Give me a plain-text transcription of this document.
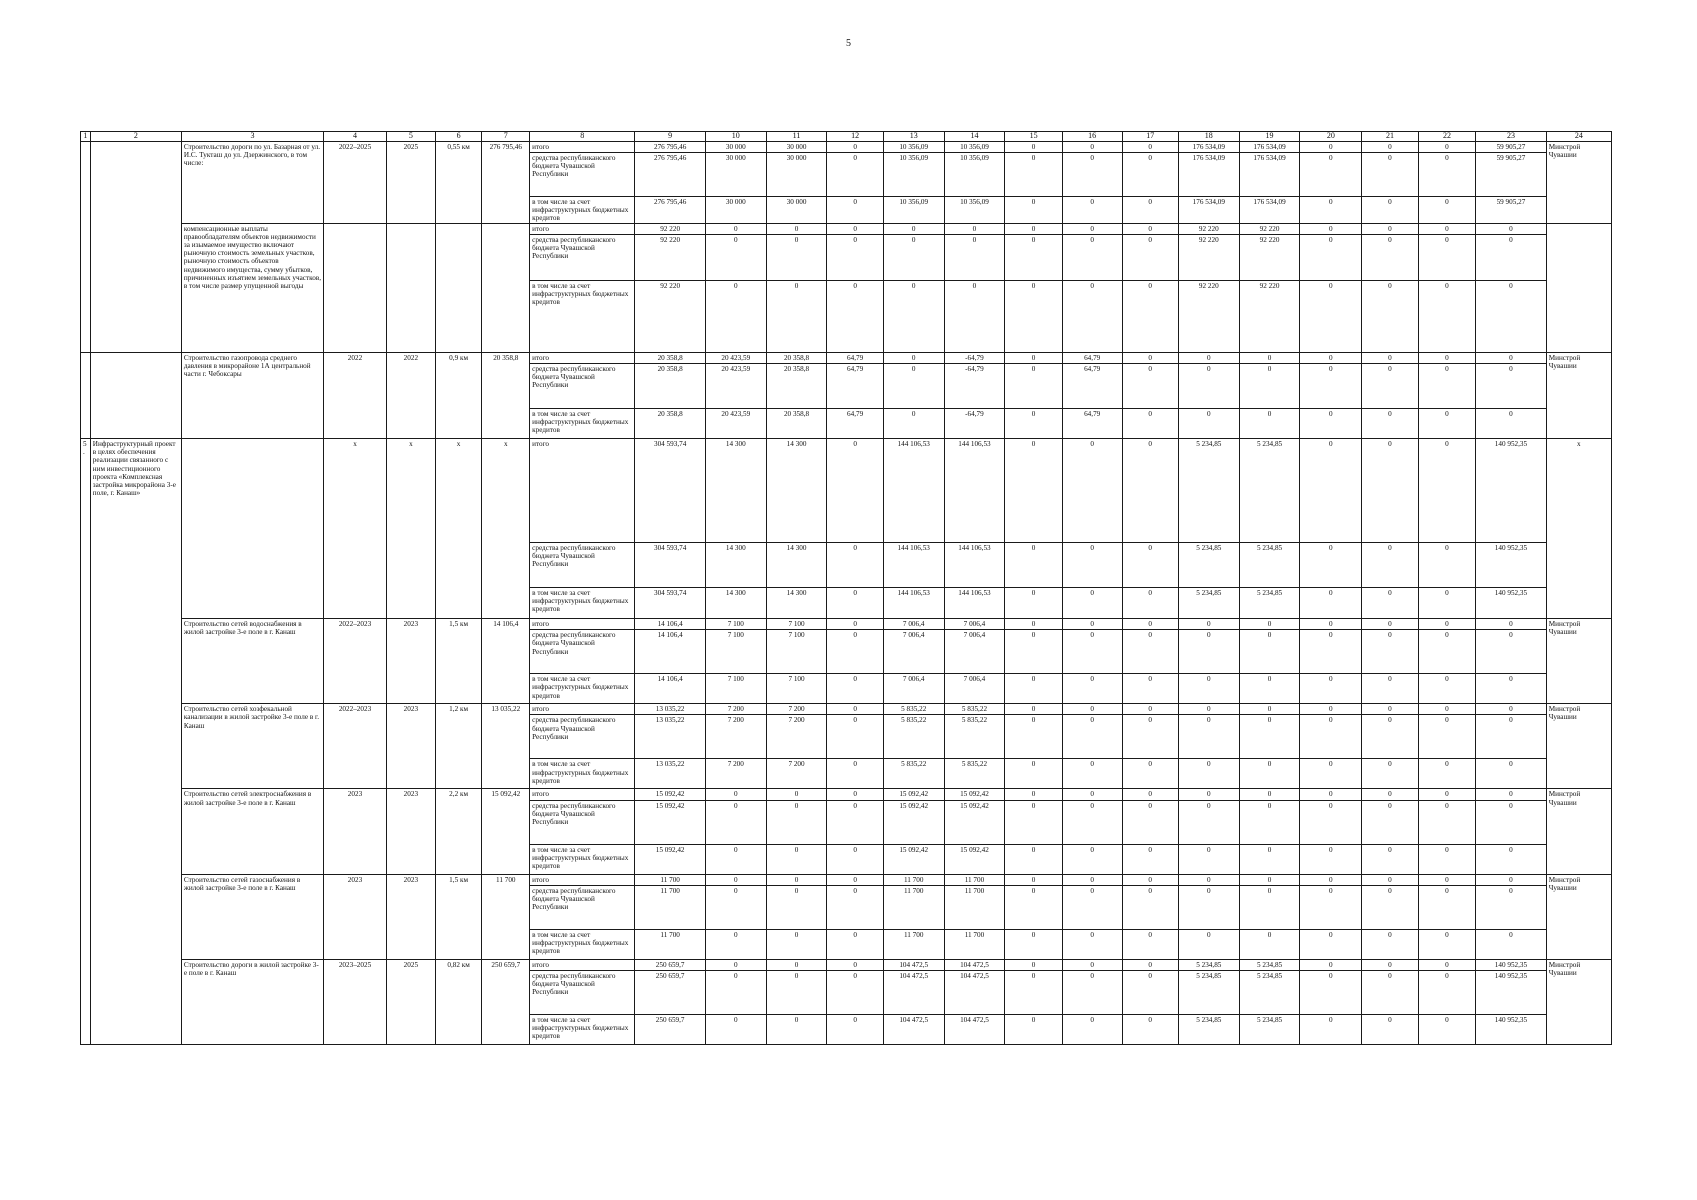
5
1	2	3	4	5	6	7	8	9	10	11	12	13	14	15	16	17	18	19	20	21	22	23	24
		Строительство дороги по ул. Базарная от ул. И.С. Тукташ до ул. Дзержинского, в том числе:	2022–2025	2025	0,55 км	276 795,46	итого	276 795,46	30 000	30 000	0	10 356,09	10 356,09	0	0	0	176 534,09	176 534,09	0	0	0	59 905,27	Минстрой Чувашии
							средства республиканского бюджета Чувашской Республики	276 795,46	30 000	30 000	0	10 356,09	10 356,09	0	0	0	176 534,09	176 534,09	0	0	0	59 905,27	
							в том числе за счет инфраструктурных бюджетных кредитов	276 795,46	30 000	30 000	0	10 356,09	10 356,09	0	0	0	176 534,09	176 534,09	0	0	0	59 905,27	
		компенсационные выплаты правообладателям объектов недвижимости за изымаемое имущество включают рыночную стоимость земельных участков, рыночную стоимость объектов недвижимого имущества, сумму убытков, причиненных изъятием земельных участков, в том числе размер упущенной выгоды					итого	92 220	0	0	0	0	0	0	0	0	92 220	92 220	0	0	0	0	
							средства республиканского бюджета Чувашской Республики	92 220	0	0	0	0	0	0	0	0	92 220	92 220	0	0	0	0	
							в том числе за счет инфраструктурных бюджетных кредитов	92 220	0	0	0	0	0	0	0	0	92 220	92 220	0	0	0	0	
		Строительство газопровода среднего давления в микрорайоне 1А центральной части г. Чебоксары	2022	2022	0,9 км	20 358,8	итого	20 358,8	20 423,59	20 358,8	64,79	0	-64,79	0	64,79	0	0	0	0	0	0	0	Минстрой Чувашии
							средства республиканского бюджета Чувашской Республики	20 358,8	20 423,59	20 358,8	64,79	0	-64,79	0	64,79	0	0	0	0	0	0	0	
							в том числе за счет инфраструктурных бюджетных кредитов	20 358,8	20 423,59	20 358,8	64,79	0	-64,79	0	64,79	0	0	0	0	0	0	0	
5.	Инфраструктурный проект в целях обеспечения реализации связанного с ним инвестиционного проекта «Комплексная застройка микрорайона 3-е поле, г. Канаш»		х	х	х	х	итого	304 593,74	14 300	14 300	0	144 106,53	144 106,53	0	0	0	5 234,85	5 234,85	0	0	0	140 952,35	х
							средства республиканского бюджета Чувашской Республики	304 593,74	14 300	14 300	0	144 106,53	144 106,53	0	0	0	5 234,85	5 234,85	0	0	0	140 952,35	
							в том числе за счет инфраструктурных бюджетных кредитов	304 593,74	14 300	14 300	0	144 106,53	144 106,53	0	0	0	5 234,85	5 234,85	0	0	0	140 952,35	
		Строительство сетей водоснабжения в жилой застройке 3-е поле в г. Канаш	2022–2023	2023	1,5 км	14 106,4	итого	14 106,4	7 100	7 100	0	7 006,4	7 006,4	0	0	0	0	0	0	0	0	0	Минстрой Чувашии
							средства республиканского бюджета Чувашской Республики	14 106,4	7 100	7 100	0	7 006,4	7 006,4	0	0	0	0	0	0	0	0	0	
							в том числе за счет инфраструктурных бюджетных кредитов	14 106,4	7 100	7 100	0	7 006,4	7 006,4	0	0	0	0	0	0	0	0	0	
		Строительство сетей хозфекальной канализации в жилой застройке 3-е поле в г. Канаш	2022–2023	2023	1,2 км	13 035,22	итого	13 035,22	7 200	7 200	0	5 835,22	5 835,22	0	0	0	0	0	0	0	0	0	Минстрой Чувашии
							средства республиканского бюджета Чувашской Республики	13 035,22	7 200	7 200	0	5 835,22	5 835,22	0	0	0	0	0	0	0	0	0	
							в том числе за счет инфраструктурных бюджетных кредитов	13 035,22	7 200	7 200	0	5 835,22	5 835,22	0	0	0	0	0	0	0	0	0	
		Строительство сетей электроснабжения в жилой застройке 3-е поле в г. Канаш	2023	2023	2,2 км	15 092,42	итого	15 092,42	0	0	0	15 092,42	15 092,42	0	0	0	0	0	0	0	0	0	Минстрой Чувашии
							средства республиканского бюджета Чувашской Республики	15 092,42	0	0	0	15 092,42	15 092,42	0	0	0	0	0	0	0	0	0	
							в том числе за счет инфраструктурных бюджетных кредитов	15 092,42	0	0	0	15 092,42	15 092,42	0	0	0	0	0	0	0	0	0	
		Строительство сетей газоснабжения в жилой застройке 3-е поле в г. Канаш	2023	2023	1,5 км	11 700	итого	11 700	0	0	0	11 700	11 700	0	0	0	0	0	0	0	0	0	Минстрой Чувашии
							средства республиканского бюджета Чувашской Республики	11 700	0	0	0	11 700	11 700	0	0	0	0	0	0	0	0	0	
							в том числе за счет инфраструктурных бюджетных кредитов	11 700	0	0	0	11 700	11 700	0	0	0	0	0	0	0	0	0	
		Строительство дороги в жилой застройке 3-е поле в г. Канаш	2023–2025	2025	0,82 км	250 659,7	итого	250 659,7	0	0	0	104 472,5	104 472,5	0	0	0	5 234,85	5 234,85	0	0	0	140 952,35	Минстрой Чувашии
							средства республиканского бюджета Чувашской Республики	250 659,7	0	0	0	104 472,5	104 472,5	0	0	0	5 234,85	5 234,85	0	0	0	140 952,35	
							в том числе за счет инфраструктурных бюджетных кредитов	250 659,7	0	0	0	104 472,5	104 472,5	0	0	0	5 234,85	5 234,85	0	0	0	140 952,35	
